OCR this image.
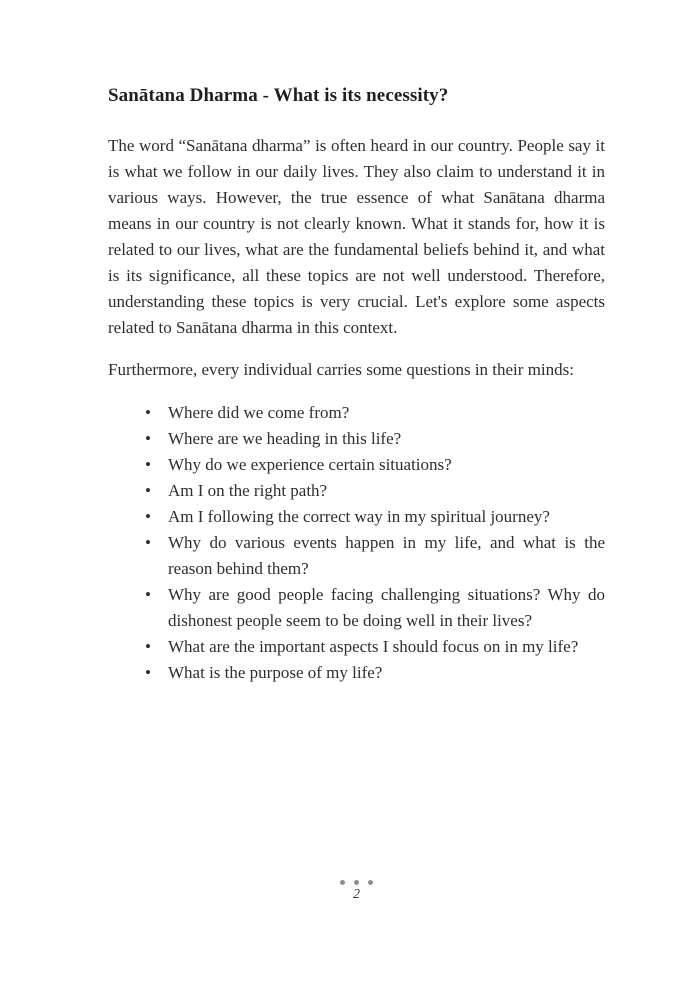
Sanātana Dharma - What is its necessity?

The word “Sanātana dharma” is often heard in our country. People say it is what we follow in our daily lives. They also claim to understand it in various ways. However, the true essence of what Sanātana dharma means in our country is not clearly known. What it stands for, how it is related to our lives, what are the fundamental beliefs behind it, and what is its significance, all these topics are not well understood. Therefore, understanding these topics is very crucial. Let's explore some aspects related to Sanātana dharma in this context.

Furthermore, every individual carries some questions in their minds:

• Where did we come from?
• Where are we heading in this life?
• Why do we experience certain situations?
• Am I on the right path?
• Am I following the correct way in my spiritual journey?
• Why do various events happen in my life, and what is the reason behind them?
• Why are good people facing challenging situations? Why do dishonest people seem to be doing well in their lives?
• What are the important aspects I should focus on in my life?
• What is the purpose of my life?
2
